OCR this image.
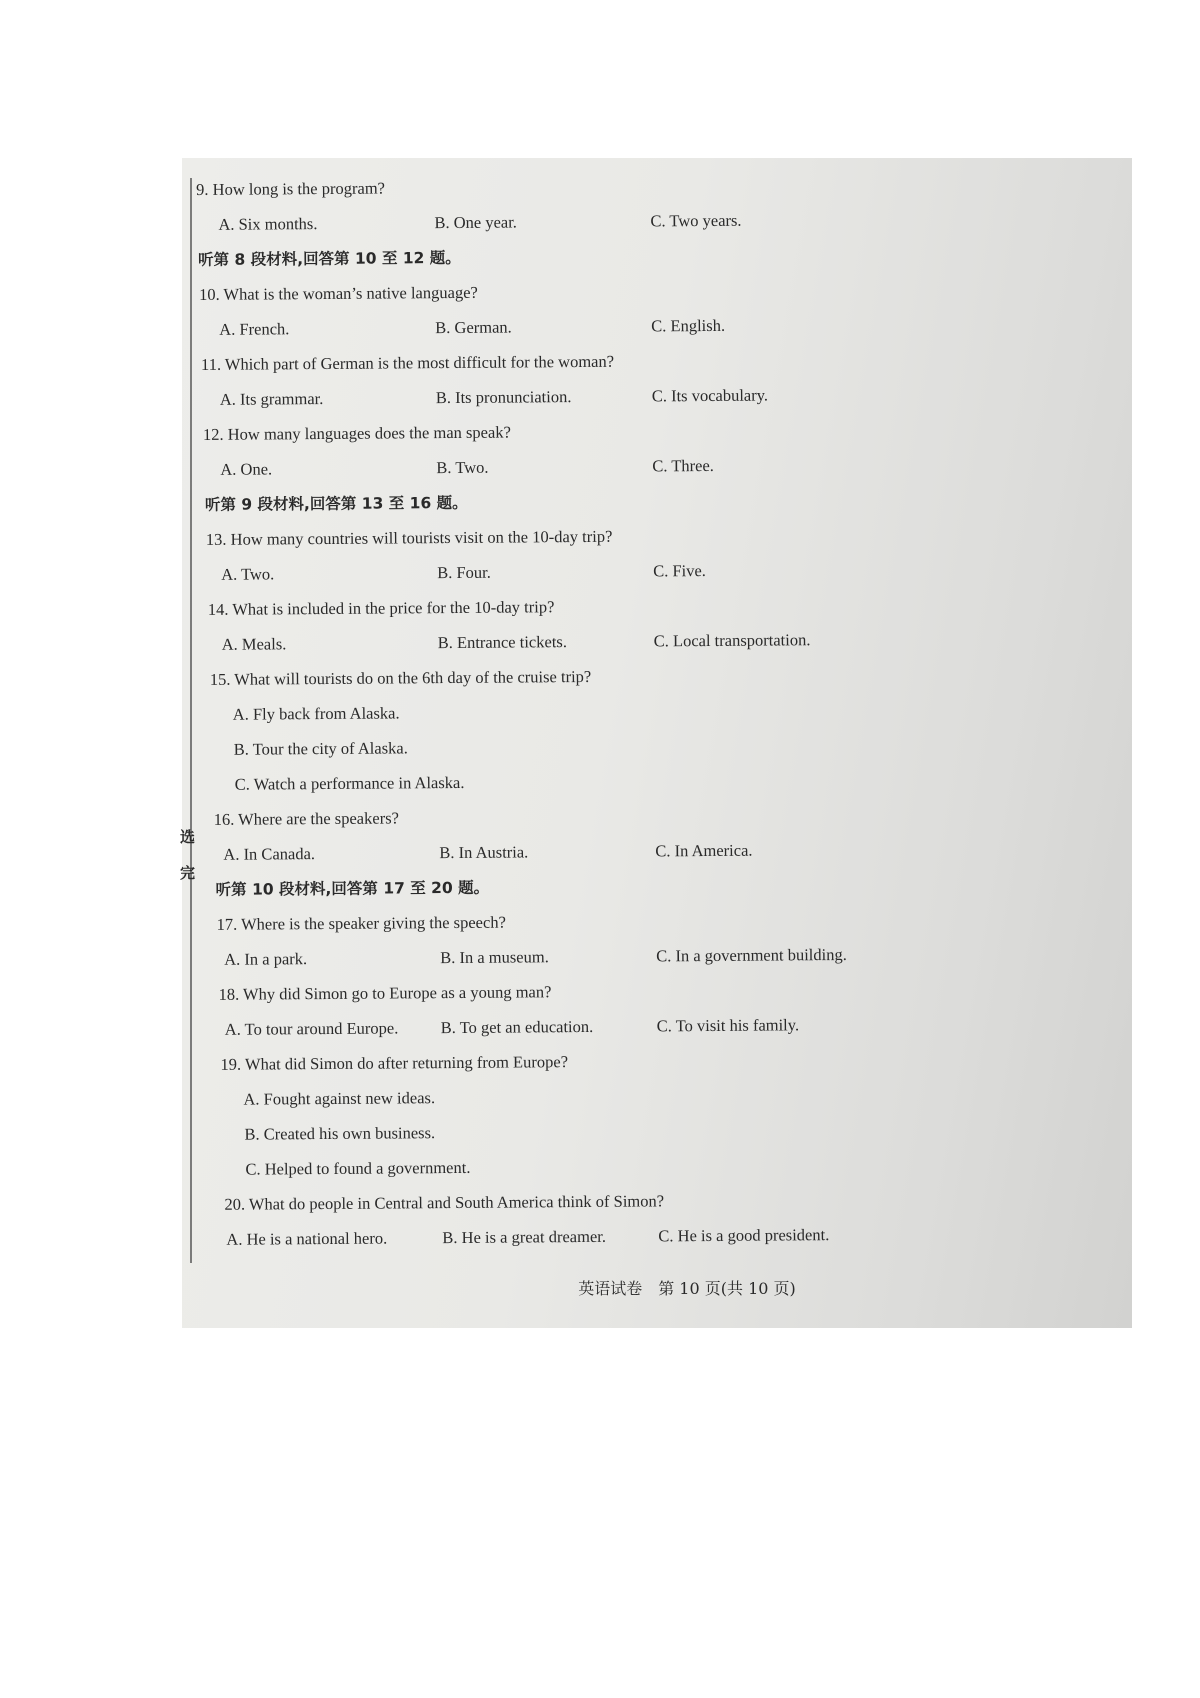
选
完
9. How long is the program?
A. Six months.	B. One year.	C. Two years.
听第 8 段材料,回答第 10 至 12 题。
10. What is the woman’s native language?
A. French.	B. German.	C. English.
11. Which part of German is the most difficult for the woman?
A. Its grammar.	B. Its pronunciation.	C. Its vocabulary.
12. How many languages does the man speak?
A. One.	B. Two.	C. Three.
听第 9 段材料,回答第 13 至 16 题。
13. How many countries will tourists visit on the 10-day trip?
A. Two.	B. Four.	C. Five.
14. What is included in the price for the 10-day trip?
A. Meals.	B. Entrance tickets.	C. Local transportation.
15. What will tourists do on the 6th day of the cruise trip?
A. Fly back from Alaska.
B. Tour the city of Alaska.
C. Watch a performance in Alaska.
16. Where are the speakers?
A. In Canada.	B. In Austria.	C. In America.
听第 10 段材料,回答第 17 至 20 题。
17. Where is the speaker giving the speech?
A. In a park.	B. In a museum.	C. In a government building.
18. Why did Simon go to Europe as a young man?
A. To tour around Europe.	B. To get an education.	C. To visit his family.
19. What did Simon do after returning from Europe?
A. Fought against new ideas.
B. Created his own business.
C. Helped to found a government.
20. What do people in Central and South America think of Simon?
A. He is a national hero.	B. He is a great dreamer.	C. He is a good president.
英语试卷　第 10 页(共 10 页)
